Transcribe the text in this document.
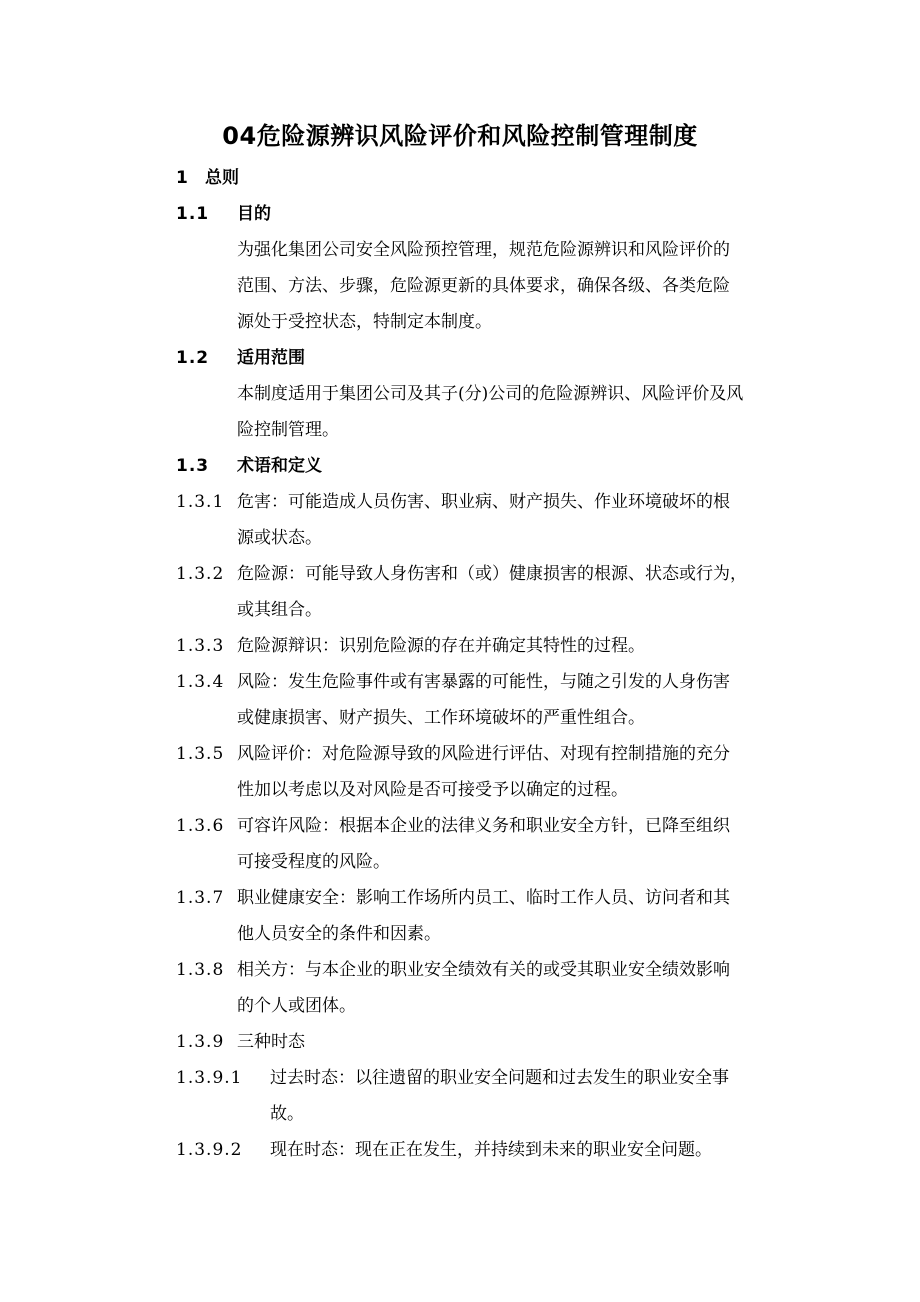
04危险源辨识风险评价和风险控制管理制度
1 总则
1.1 目的
为强化集团公司安全风险预控管理，规范危险源辨识和风险评价的
范围、方法、步骤，危险源更新的具体要求，确保各级、各类危险
源处于受控状态，特制定本制度。
1.2 适用范围
本制度适用于集团公司及其子(分)公司的危险源辨识、风险评价及风
险控制管理。
1.3 术语和定义
1.3.1 危害：可能造成人员伤害、职业病、财产损失、作业环境破坏的根
源或状态。
1.3.2 危险源：可能导致人身伤害和（或）健康损害的根源、状态或行为，
或其组合。
1.3.3 危险源辩识：识别危险源的存在并确定其特性的过程。
1.3.4 风险：发生危险事件或有害暴露的可能性，与随之引发的人身伤害
或健康损害、财产损失、工作环境破坏的严重性组合。
1.3.5 风险评价：对危险源导致的风险进行评估、对现有控制措施的充分
性加以考虑以及对风险是否可接受予以确定的过程。
1.3.6 可容许风险：根据本企业的法律义务和职业安全方针，已降至组织
可接受程度的风险。
1.3.7 职业健康安全：影响工作场所内员工、临时工作人员、访问者和其
他人员安全的条件和因素。
1.3.8 相关方：与本企业的职业安全绩效有关的或受其职业安全绩效影响
的个人或团体。
1.3.9 三种时态
1.3.9.1 过去时态：以往遗留的职业安全问题和过去发生的职业安全事
故。
1.3.9.2 现在时态：现在正在发生，并持续到未来的职业安全问题。
